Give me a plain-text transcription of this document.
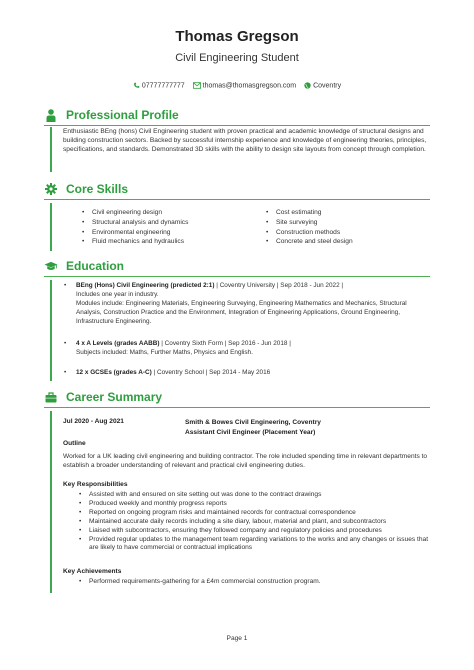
Thomas Gregson
Civil Engineering Student
07777777777	thomas@thomasgregson.com Coventry
Professional Profile
Enthusiastic BEng (hons) Civil Engineering student with proven practical and academic knowledge of structural designs and building construction sectors. Backed by successful internship experience and knowledge of engineering theories, principles, specifications, and standards. Demonstrated 3D skills with the ability to design site layouts from concept through completion.
Core Skills
• Civil engineering design
• Structural analysis and dynamics
• Environmental engineering
• Fluid mechanics and hydraulics
• Cost estimating
• Site surveying
• Construction methods
• Concrete and steel design
Education
• BEng (Hons) Civil Engineering (predicted 2:1) | Coventry University | Sep 2018 - Jun 2022 |
Includes one year in industry.
Modules include: Engineering Materials, Engineering Surveying, Engineering Mathematics and Mechanics, Structural Analysis, Construction Practice and the Environment, Integration of Engineering Applications, Ground Engineering, Infrastructure Engineering.
• 4 x A Levels (grades AABB) | Coventry Sixth Form | Sep 2016 - Jun 2018 |
Subjects included: Maths, Further Maths, Physics and English.
• 12 x GCSEs (grades A-C) | Coventry School | Sep 2014 - May 2016
Career Summary
Jul 2020 - Aug 2021	Smith & Bowes Civil Engineering, Coventry
Assistant Civil Engineer (Placement Year)
Outline
Worked for a UK leading civil engineering and building contractor. The role included spending time in relevant departments to establish a broader understanding of relevant and practical civil engineering duties.
Key Responsibilities
• Assisted with and ensured on site setting out was done to the contract drawings
• Produced weekly and monthly progress reports
• Reported on ongoing program risks and maintained records for contractual correspondence
• Maintained accurate daily records including a site diary, labour, material and plant, and subcontractors
• Liaised with subcontractors, ensuring they followed company and regulatory policies and procedures
• Provided regular updates to the management team regarding variations to the works and any changes or issues that are likely to have commercial or contractual implications
Key Achievements
• Performed requirements-gathering for a £4m commercial construction program.
Page 1
